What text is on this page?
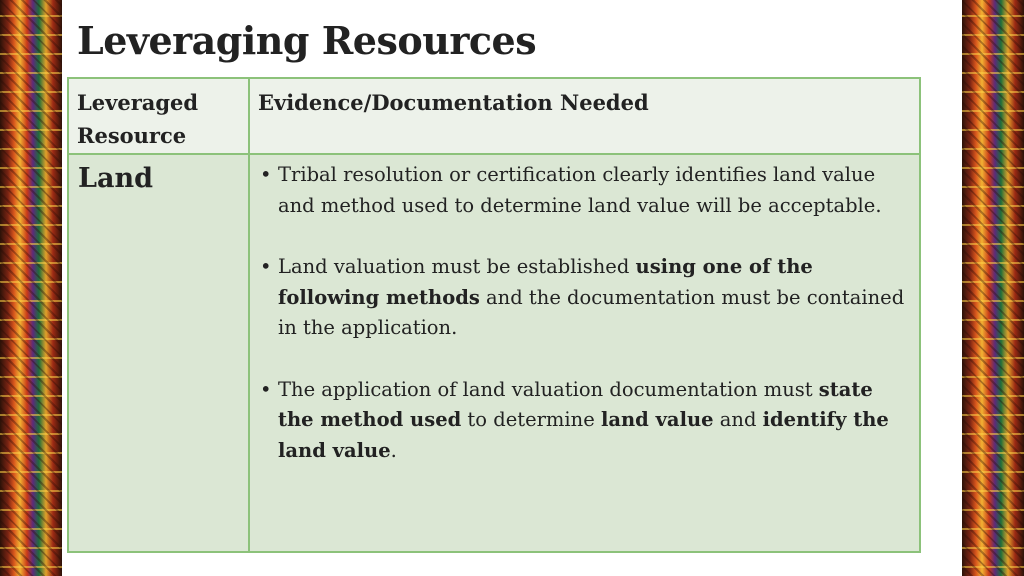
Leveraging Resources
Leveraged Resource
Evidence/Documentation Needed
Land
•	Tribal resolution or certification clearly identifies land value and method used to determine land value will be acceptable.
• Land valuation must be established using one of the following methods and the documentation must be contained in the application.
• The application of land valuation documentation must state the method used to determine land value and identify the land value.
